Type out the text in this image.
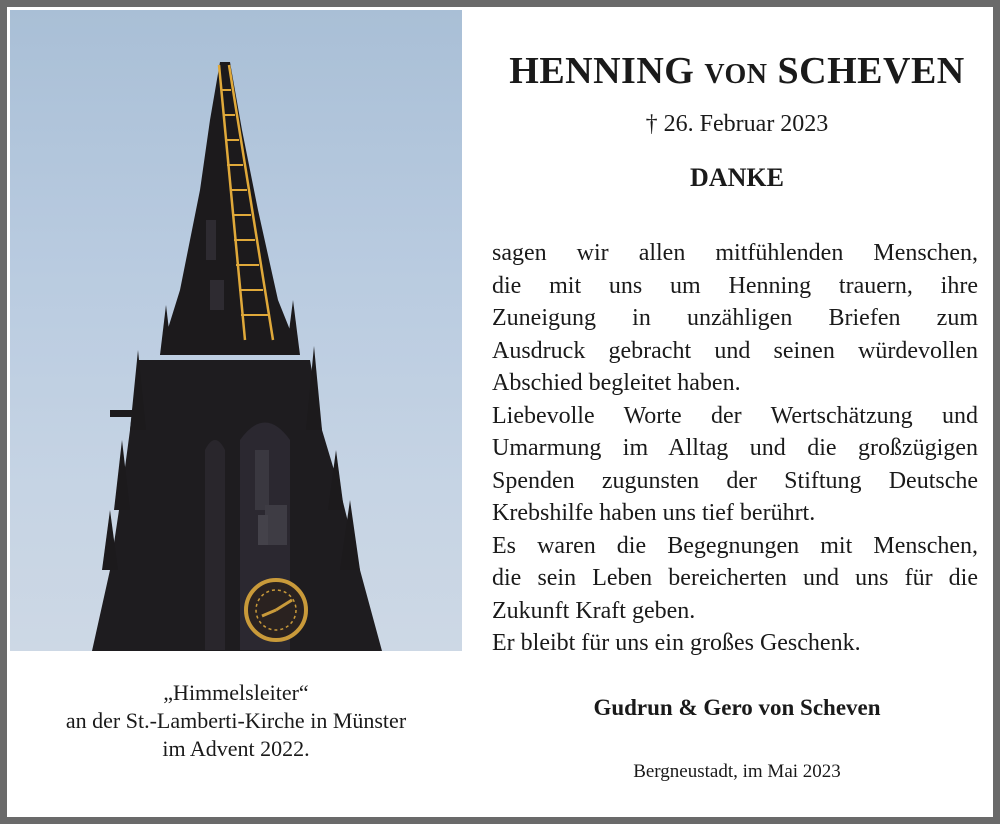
„Himmelsleiter“
an der St.-Lamberti-Kirche in Münster
im Advent 2022.
HENNING VON SCHEVEN
† 26. Februar 2023
DANKE
sagen wir allen mitfühlenden Menschen,
die mit uns um Henning trauern, ihre
Zuneigung in unzähligen Briefen zum
Ausdruck gebracht und seinen würdevollen
Abschied begleitet haben.
Liebevolle Worte der Wertschätzung und
Umarmung im Alltag und die großzügigen
Spenden zugunsten der Stiftung Deutsche
Krebshilfe haben uns tief berührt.
Es waren die Begegnungen mit Menschen,
die sein Leben bereicherten und uns für die
Zukunft Kraft geben.
Er bleibt für uns ein großes Geschenk.
Gudrun & Gero von Scheven
Bergneustadt, im Mai 2023
